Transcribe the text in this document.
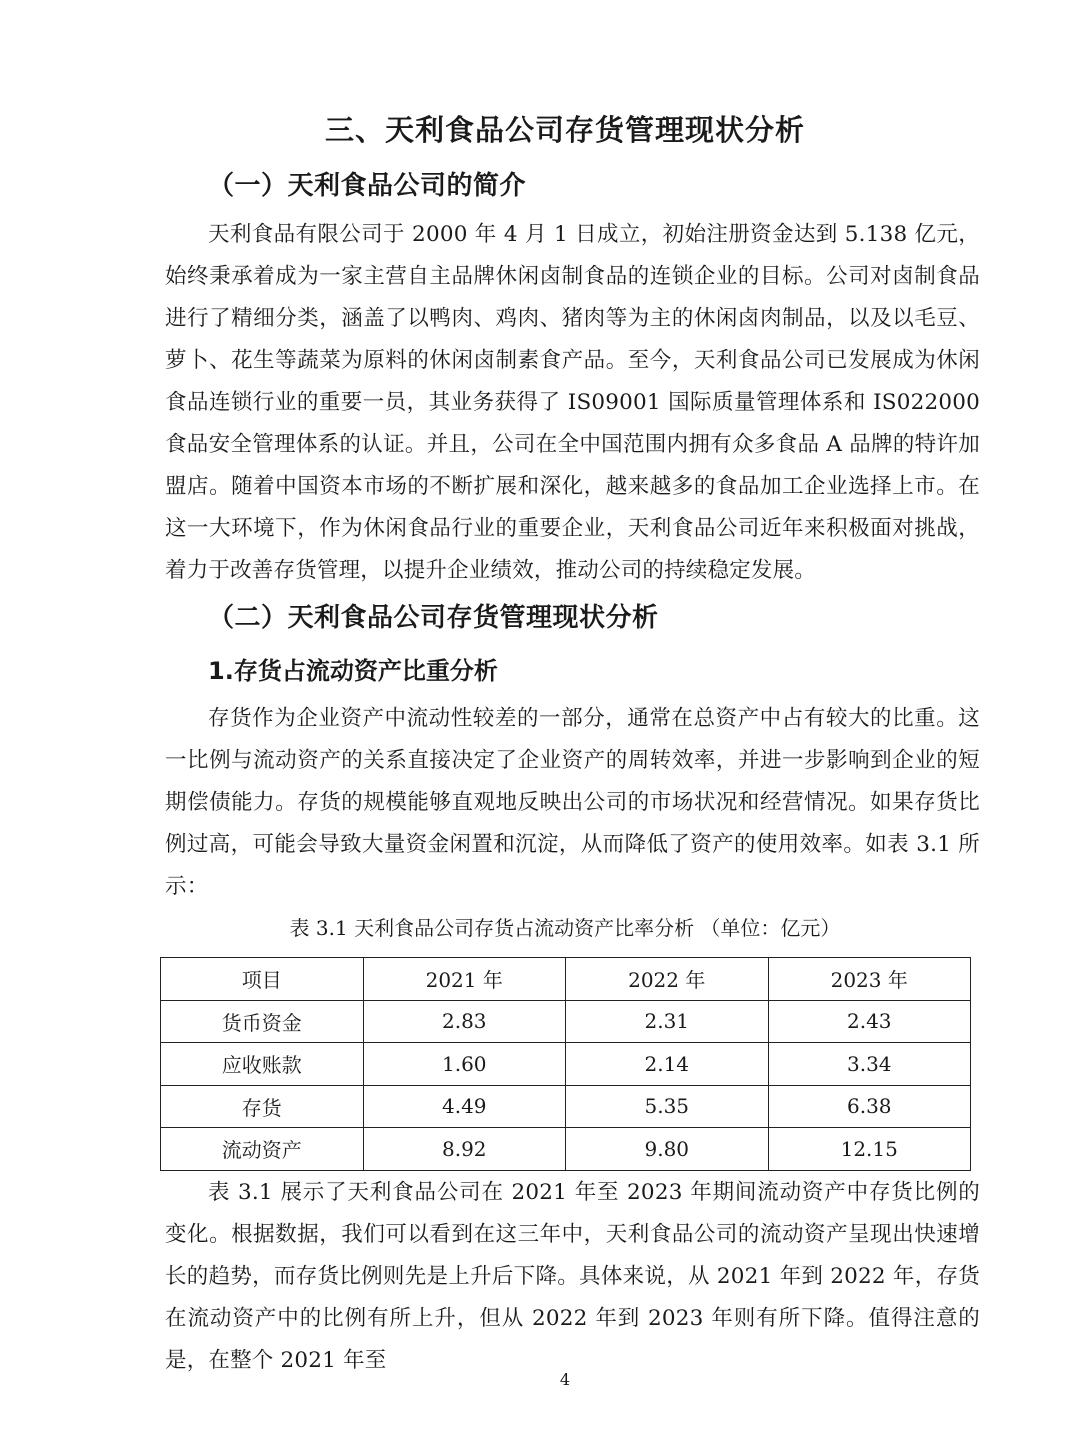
三、天利食品公司存货管理现状分析
（一）天利食品公司的简介

天利食品有限公司于 2000 年 4 月 1 日成立，初始注册资金达到 5.138 亿元，始终秉承着成为一家主营自主品牌休闲卤制食品的连锁企业的目标。公司对卤制食品进行了精细分类，涵盖了以鸭肉、鸡肉、猪肉等为主的休闲卤肉制品，以及以毛豆、萝卜、花生等蔬菜为原料的休闲卤制素食产品。至今，天利食品公司已发展成为休闲食品连锁行业的重要一员，其业务获得了 IS09001 国际质量管理体系和 IS022000 食品安全管理体系的认证。并且，公司在全中国范围内拥有众多食品 A 品牌的特许加盟店。随着中国资本市场的不断扩展和深化，越来越多的食品加工企业选择上市。在这一大环境下，作为休闲食品行业的重要企业，天利食品公司近年来积极面对挑战，着力于改善存货管理，以提升企业绩效，推动公司的持续稳定发展。

（二）天利食品公司存货管理现状分析
1.存货占流动资产比重分析

存货作为企业资产中流动性较差的一部分，通常在总资产中占有较大的比重。这一比例与流动资产的关系直接决定了企业资产的周转效率，并进一步影响到企业的短期偿债能力。存货的规模能够直观地反映出公司的市场状况和经营情况。如果存货比例过高，可能会导致大量资金闲置和沉淀，从而降低了资产的使用效率。如表 3.1 所示：

表 3.1 天利食品公司存货占流动资产比率分析 （单位：亿元）
项目	2021 年	2022 年	2023 年
货币资金	2.83	2.31	2.43
应收账款	1.60	2.14	3.34
存货	4.49	5.35	6.38
流动资产	8.92	9.80	12.15

表 3.1 展示了天利食品公司在 2021 年至 2023 年期间流动资产中存货比例的变化。根据数据，我们可以看到在这三年中，天利食品公司的流动资产呈现出快速增长的趋势，而存货比例则先是上升后下降。具体来说，从 2021 年到 2022 年，存货在流动资产中的比例有所上升，但从 2022 年到 2023 年则有所下降。值得注意的是，在整个 2021 年至

4
